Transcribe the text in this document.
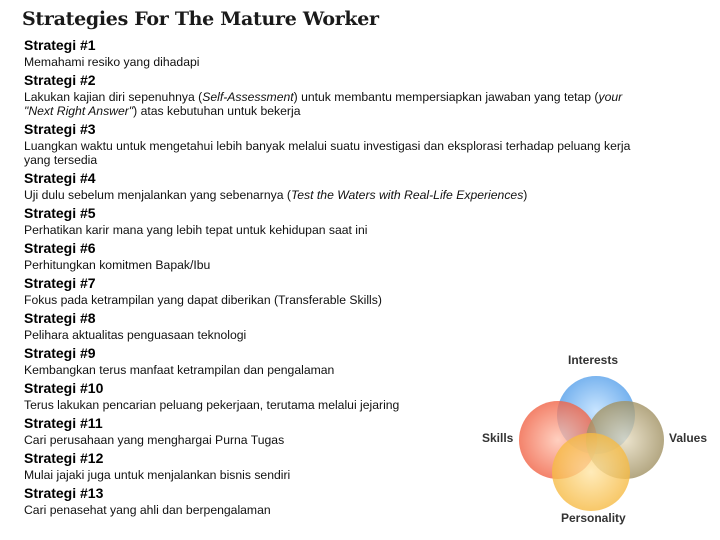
Strategies For The Mature Worker
Strategi #1

Memahami resiko yang dihadapi

Strategi #2

Lakukan kajian diri sepenuhnya (Self-Assessment) untuk membantu mempersiapkan jawaban yang tetap (your "Next Right Answer") atas kebutuhan untuk bekerja

Strategi #3

Luangkan waktu untuk mengetahui lebih banyak melalui suatu investigasi dan eksplorasi terhadap peluang kerja yang tersedia

Strategi #4

Uji dulu sebelum menjalankan yang sebenarnya (Test the Waters with Real-Life Experiences)

Strategi #5

Perhatikan karir mana yang lebih tepat untuk kehidupan saat ini

Strategi #6

Perhitungkan komitmen Bapak/Ibu

Strategi #7

Fokus pada ketrampilan yang dapat diberikan (Transferable Skills)

Strategi #8

Pelihara aktualitas penguasaan teknologi

Strategi #9

Kembangkan terus manfaat ketrampilan dan pengalaman

Strategi #10

Terus lakukan pencarian peluang pekerjaan, terutama melalui jejaring

Strategi #11

Cari perusahaan yang menghargai Purna Tugas

Strategi #12

Mulai jajaki juga untuk menjalankan bisnis sendiri

Strategi #13

Cari penasehat yang ahli dan berpengalaman

Interests
Skills	Values
Personality
